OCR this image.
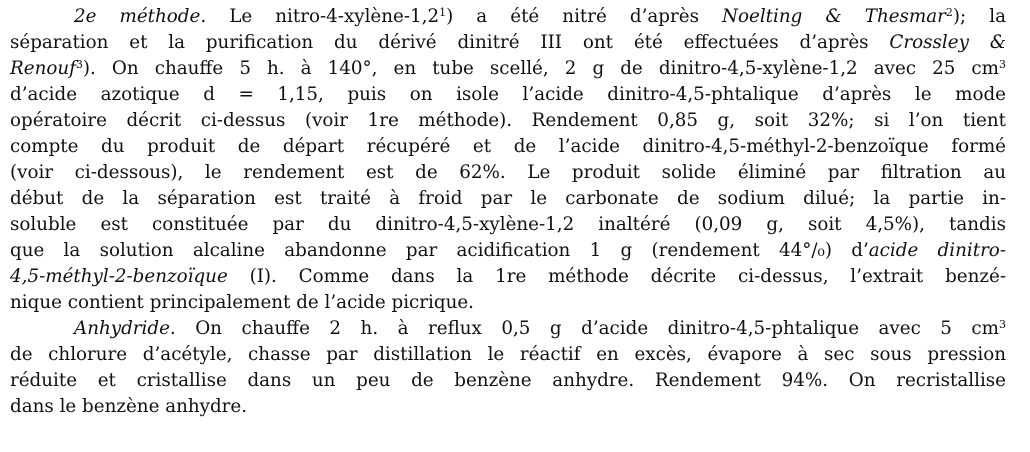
2e méthode. Le nitro-$4-xylène-1,2^1$) a été nitré d’après Noelting & Thesmar$^2$); la
séparation et la purification du dérivé dinitré III ont été effectuées d’après Crossley &
Renouf$^3$). On chauffe 5 h. à 140°, en tube scellé, 2 g de dinitro-4,5-xylène-1,2 avec 25 $cm^3$
d’acide azotique d = 1,15, puis on isole l’acide dinitro-4,5-phtalique d’après le mode
opératoire décrit ci-dessus (voir 1re méthode). Rendement 0,85 g, soit 32%; si l’on tient
compte du produit de départ récupéré et de l’acide dinitro-4,5-méthyl-2-benzoïque formé
(voir ci-dessous), le rendement est de 62%. Le produit solide éliminé par filtration au
début de la séparation est traité à froid par le carbonate de sodium dilué; la partie in-
soluble est constituée par du dinitro-4,5-xylène-1,2 inaltéré (0,09 g, soit 4,5%), tandis
que la solution alcaline abandonne par acidification 1 g (rendement 44°/₀) d’acide dinitro-
4,5-méthyl-2-benzoïque (I). Comme dans la 1re méthode décrite ci-dessus, l’extrait benzé-
nique contient principalement de l’acide picrique.

Anhydride. On chauffe 2 h. à reflux 0,5 g d’acide dinitro-4,5-phtalique avec 5 $cm^3$
de chlorure d’acétyle, chasse par distillation le réactif en excès, évapore à sec sous pression
réduite et cristallise dans un peu de benzène anhydre. Rendement 94%. On recristallise
dans le benzène anhydre.
